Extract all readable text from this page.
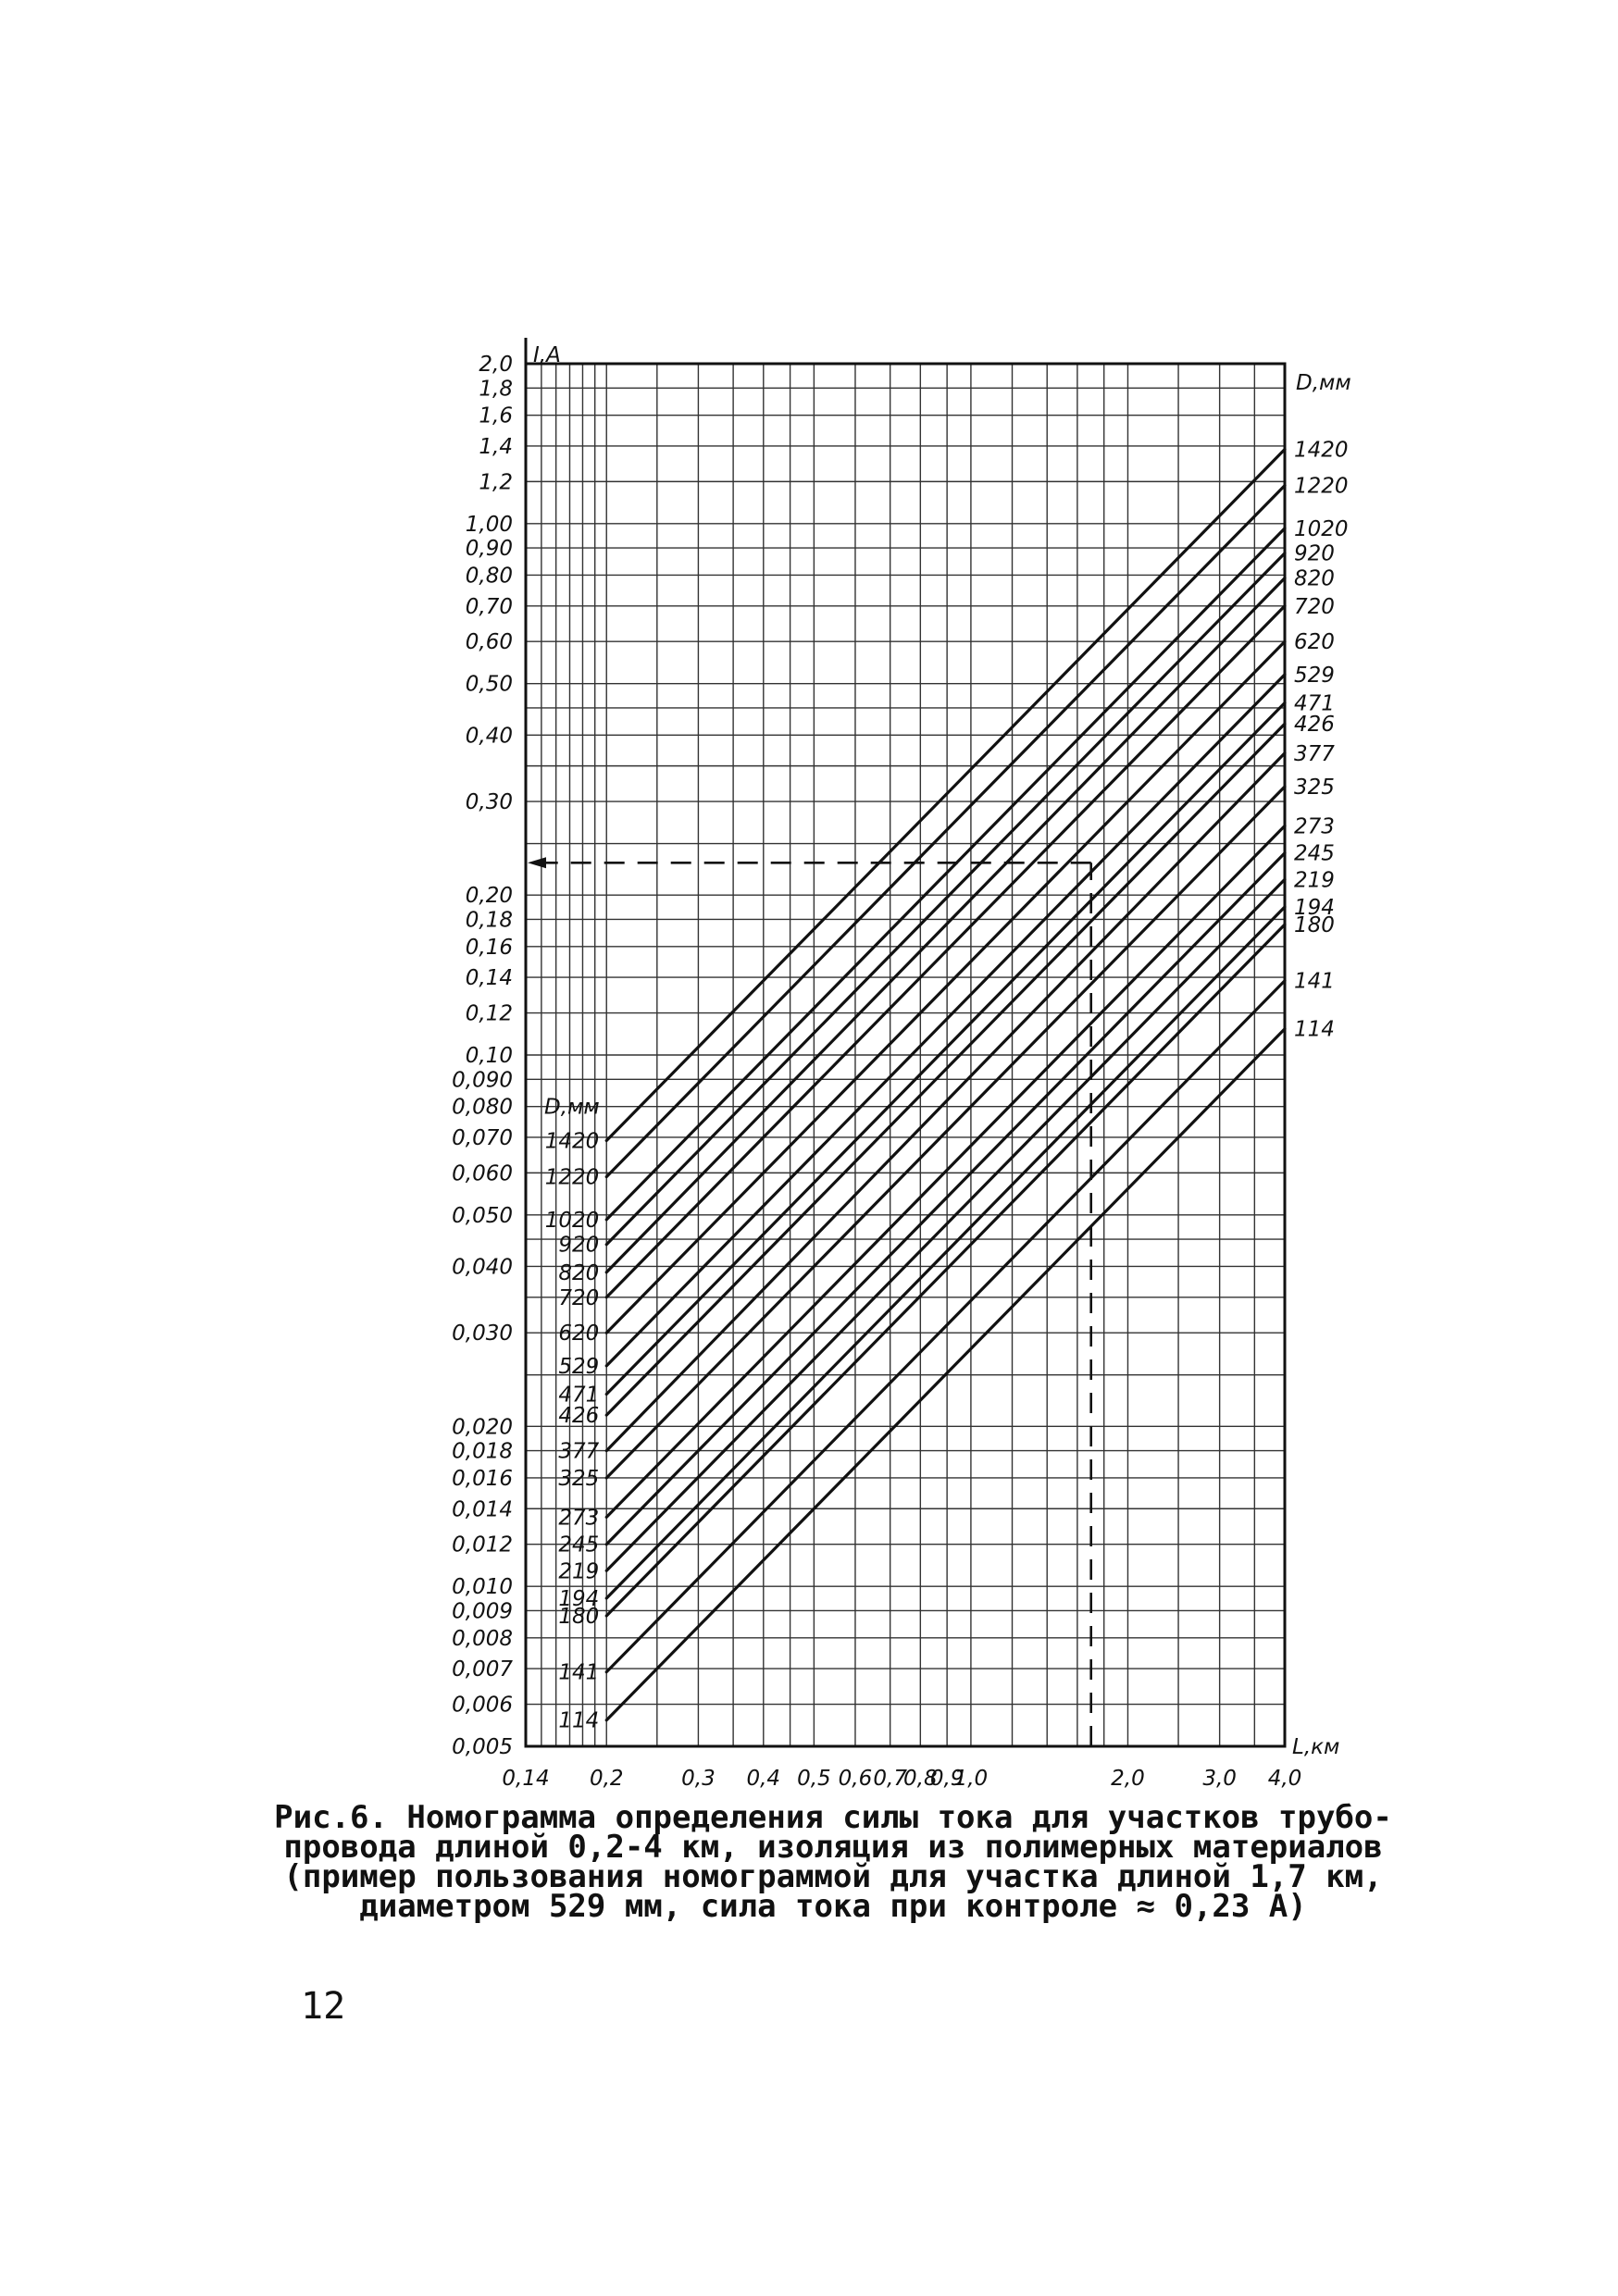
2,0
1,8
1,6
1,4
1,2
1,00
0,90
0,80
0,70
0,60
0,50
0,40
0,30
0,20
0,18
0,16
0,14
0,12
0,10
0,090
0,080
0,070
0,060
0,050
0,040
0,030
0,020
0,018
0,016
0,014
0,012
0,010
0,009
0,008
0,007
0,006
0,005
0,14 0,2	0,3 0,4 0,5 0,6 0,7
0,8
0,9
1,0	2,0	3,0 4,0
I,А
L,км
D,мм
D,мм
1420
1420
1220
1220
1020
1020
920
920
820
820
720
720
620
620
529
529
471
471
426
426
377
377
325
325
273
273
245
245
219
219
194
194
180
180
141
141
114
114
Рис.6. Номограмма определения силы тока для участков трубо-
провода длиной 0,2-4 км, изоляция из полимерных материалов
(пример пользования номограммой для участка длиной 1,7 км,
диаметром 529 мм, сила тока при контроле ≈ 0,23 А)
12
